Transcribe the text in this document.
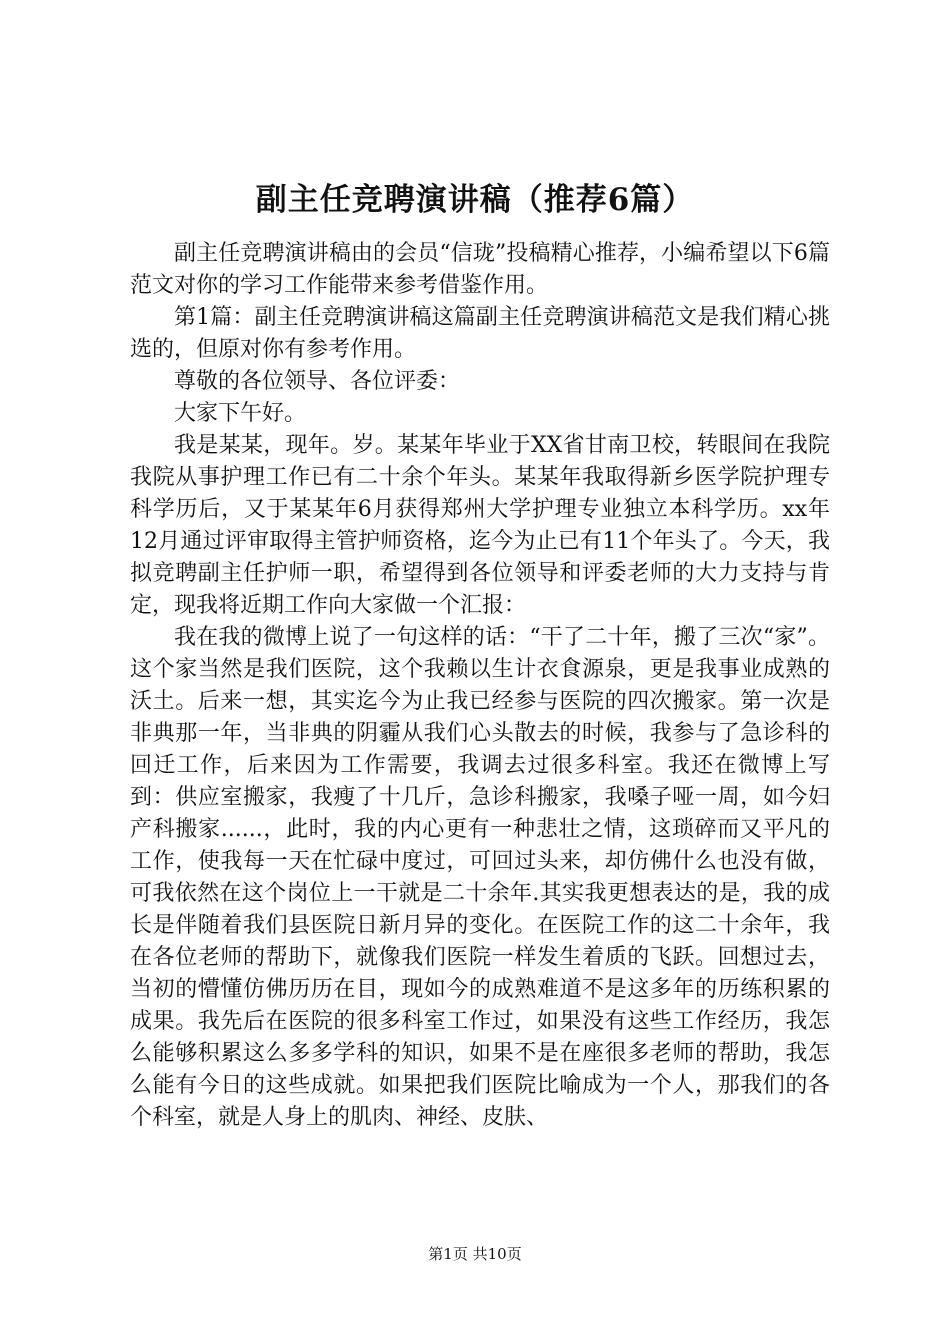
副主任竞聘演讲稿（推荐6篇）

副主任竞聘演讲稿由的会员“信珑”投稿精心推荐，小编希望以下6篇范文对你的学习工作能带来参考借鉴作用。

第1篇：副主任竞聘演讲稿这篇副主任竞聘演讲稿范文是我们精心挑选的，但原对你有参考作用。

尊敬的各位领导、各位评委：

大家下午好。

我是某某，现年。岁。某某年毕业于XX省甘南卫校，转眼间在我院我院从事护理工作已有二十余个年头。某某年我取得新乡医学院护理专科学历后，又于某某年6月获得郑州大学护理专业独立本科学历。xx年12月通过评审取得主管护师资格，迄今为止已有11个年头了。今天，我拟竞聘副主任护师一职，希望得到各位领导和评委老师的大力支持与肯定，现我将近期工作向大家做一个汇报：

我在我的微博上说了一句这样的话：“干了二十年，搬了三次“家”。这个家当然是我们医院，这个我赖以生计衣食源泉，更是我事业成熟的沃土。后来一想，其实迄今为止我已经参与医院的四次搬家。第一次是非典那一年，当非典的阴霾从我们心头散去的时候，我参与了急诊科的回迁工作，后来因为工作需要，我调去过很多科室。我还在微博上写到：供应室搬家，我瘦了十几斤，急诊科搬家，我嗓子哑一周，如今妇产科搬家......，此时，我的内心更有一种悲壮之情，这琐碎而又平凡的工作，使我每一天在忙碌中度过，可回过头来，却仿佛什么也没有做，可我依然在这个岗位上一干就是二十余年.其实我更想表达的是，我的成长是伴随着我们县医院日新月异的变化。在医院工作的这二十余年，我在各位老师的帮助下，就像我们医院一样发生着质的飞跃。回想过去，当初的懵懂仿佛历历在目，现如今的成熟难道不是这多年的历练积累的成果。我先后在医院的很多科室工作过，如果没有这些工作经历，我怎么能够积累这么多多学科的知识，如果不是在座很多老师的帮助，我怎么能有今日的这些成就。如果把我们医院比喻成为一个人，那我们的各个科室，就是人身上的肌肉、神经、皮肤、

第1页 共10页
